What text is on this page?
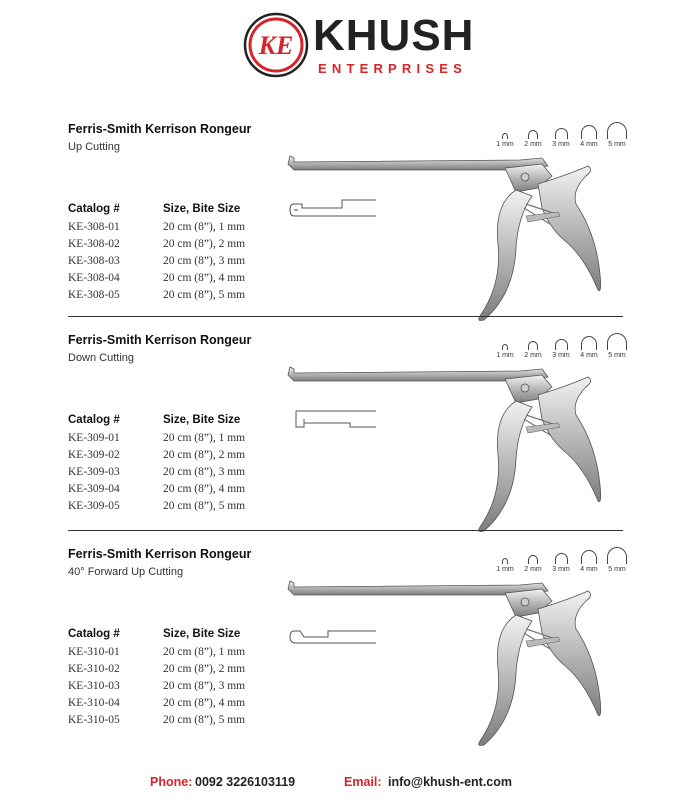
KE KHUSH
ENTERPRISES
Ferris-Smith Kerrison Rongeur
Up Cutting	1 mm	2 mm	3 mm	4 mm	5 mm
Catalog #	Size, Bite Size
KE-308-01	20 cm (8”), 1 mm
KE-308-02	20 cm (8”), 2 mm
KE-308-03	20 cm (8”), 3 mm
KE-308-04	20 cm (8”), 4 mm
KE-308-05	20 cm (8”), 5 mm
Ferris-Smith Kerrison Rongeur
Down Cutting	1 mm	2 mm	3 mm	4 mm	5 mm
Catalog #	Size, Bite Size
KE-309-01	20 cm (8”), 1 mm
KE-309-02	20 cm (8”), 2 mm
KE-309-03	20 cm (8”), 3 mm
KE-309-04	20 cm (8”), 4 mm
KE-309-05	20 cm (8”), 5 mm
Ferris-Smith Kerrison Rongeur
40° Forward Up Cutting	1 mm	2 mm	3 mm	4 mm	5 mm
Catalog #	Size, Bite Size
KE-310-01	20 cm (8”), 1 mm
KE-310-02	20 cm (8”), 2 mm
KE-310-03	20 cm (8”), 3 mm
KE-310-04	20 cm (8”), 4 mm
KE-310-05	20 cm (8”), 5 mm
Phone: 0092 3226103119	Email: info@khush-ent.com
